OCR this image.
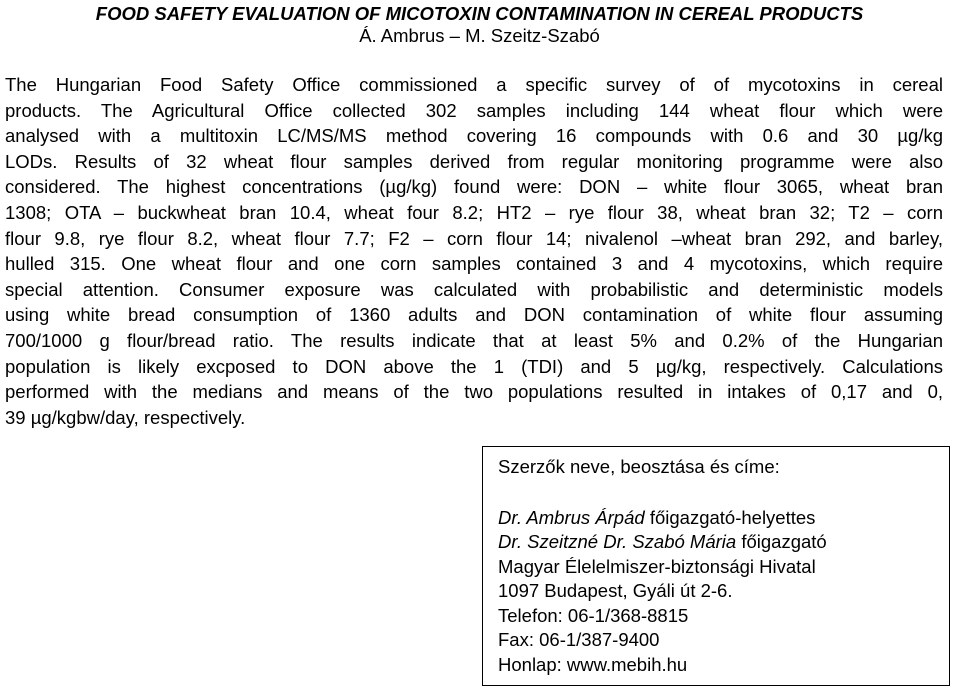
FOOD SAFETY EVALUATION OF MICOTOXIN CONTAMINATION IN CEREAL PRODUCTS
Á. Ambrus – M. Szeitz-Szabó
The Hungarian Food Safety Office commissioned a specific survey of of mycotoxins in cereal
products. The Agricultural Office collected 302 samples including 144 wheat flour which were
analysed with a multitoxin LC/MS/MS method covering 16 compounds with 0.6 and 30 µg/kg
LODs. Results of 32 wheat flour samples derived from regular monitoring programme were also
considered. The highest concentrations (µg/kg) found were: DON – white flour 3065, wheat bran
1308; OTA – buckwheat bran 10.4, wheat four 8.2; HT2 – rye flour 38, wheat bran 32; T2 – corn
flour 9.8, rye flour 8.2, wheat flour 7.7; F2 – corn flour 14; nivalenol –wheat bran 292, and barley,
hulled 315. One wheat flour and one corn samples contained 3 and 4 mycotoxins, which require
special attention. Consumer exposure was calculated with probabilistic and deterministic models
using white bread consumption of 1360 adults and DON contamination of white flour assuming
700/1000 g flour/bread ratio. The results indicate that at least 5% and 0.2% of the Hungarian
population is likely excposed to DON above the 1 (TDI) and 5 µg/kg, respectively. Calculations
performed with the medians and means of the two populations resulted in intakes of 0,17 and 0,
39 µg/kgbw/day, respectively.
Szerzők neve, beosztása és címe:
Dr. Ambrus Árpád főigazgató-helyettes
Dr. Szeitzné Dr. Szabó Mária főigazgató
Magyar Élelelmiszer-biztonsági Hivatal
1097 Budapest, Gyáli út 2-6.
Telefon: 06-1/368-8815
Fax: 06-1/387-9400
Honlap: www.mebih.hu
